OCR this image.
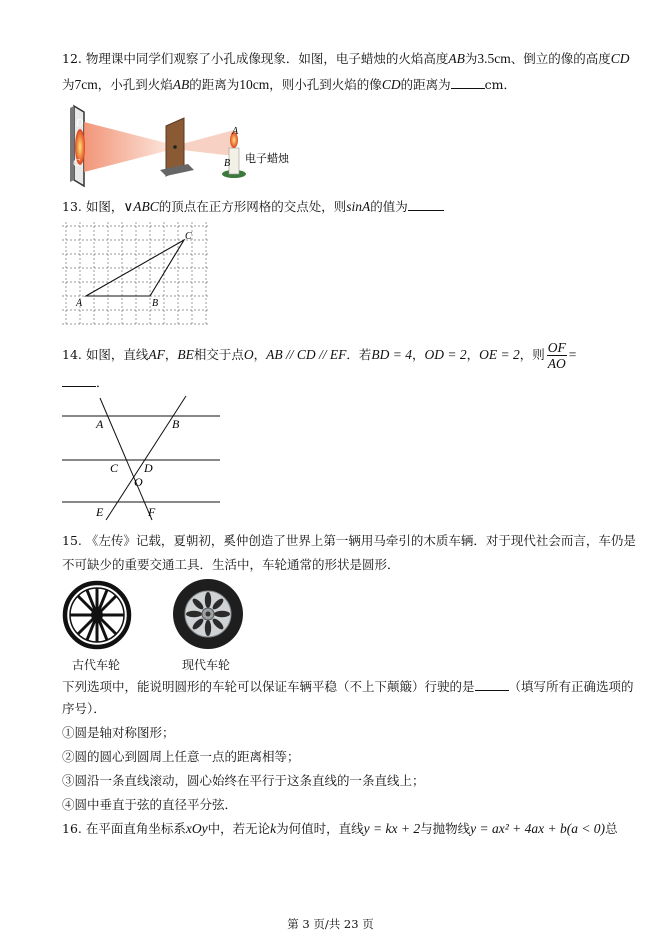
12. 物理课中同学们观察了小孔成像现象．如图，电子蜡烛的火焰高度AB为3.5cm、倒立的像的高度CD
为7cm，小孔到火焰AB的距离为10cm，则小孔到火焰的像CD的距离为	cm．
D
C
A
B 电子蜡烛
13. 如图，∨ABC的顶点在正方形网格的交点处，则sinA的值为
A	B
C
14. 如图，直线AF，BE相交于点O，AB // CD // EF．若BD = 4，OD = 2，OE = 2，则 $\frac{OF}{AO}$ =
．
A	B
C D
O
E	F
15. 《左传》记载，夏朝初，奚仲创造了世界上第一辆用马牵引的木质车辆．对于现代社会而言，车仍是
不可缺少的重要交通工具．生活中，车轮通常的形状是圆形．
古代车轮	现代车轮
下列选项中，能说明圆形的车轮可以保证车辆平稳（不上下颠簸）行驶的是	（填写所有正确选项的
序号）．
①圆是轴对称图形；
②圆的圆心到圆周上任意一点的距离相等；
③圆沿一条直线滚动，圆心始终在平行于这条直线的一条直线上；
④圆中垂直于弦的直径平分弦．
16. 在平面直角坐标系xOy中，若无论k为何值时，直线y = kx + 2与抛物线y = ax² + 4ax + b(a < 0)总
第 3 页/共 23 页
